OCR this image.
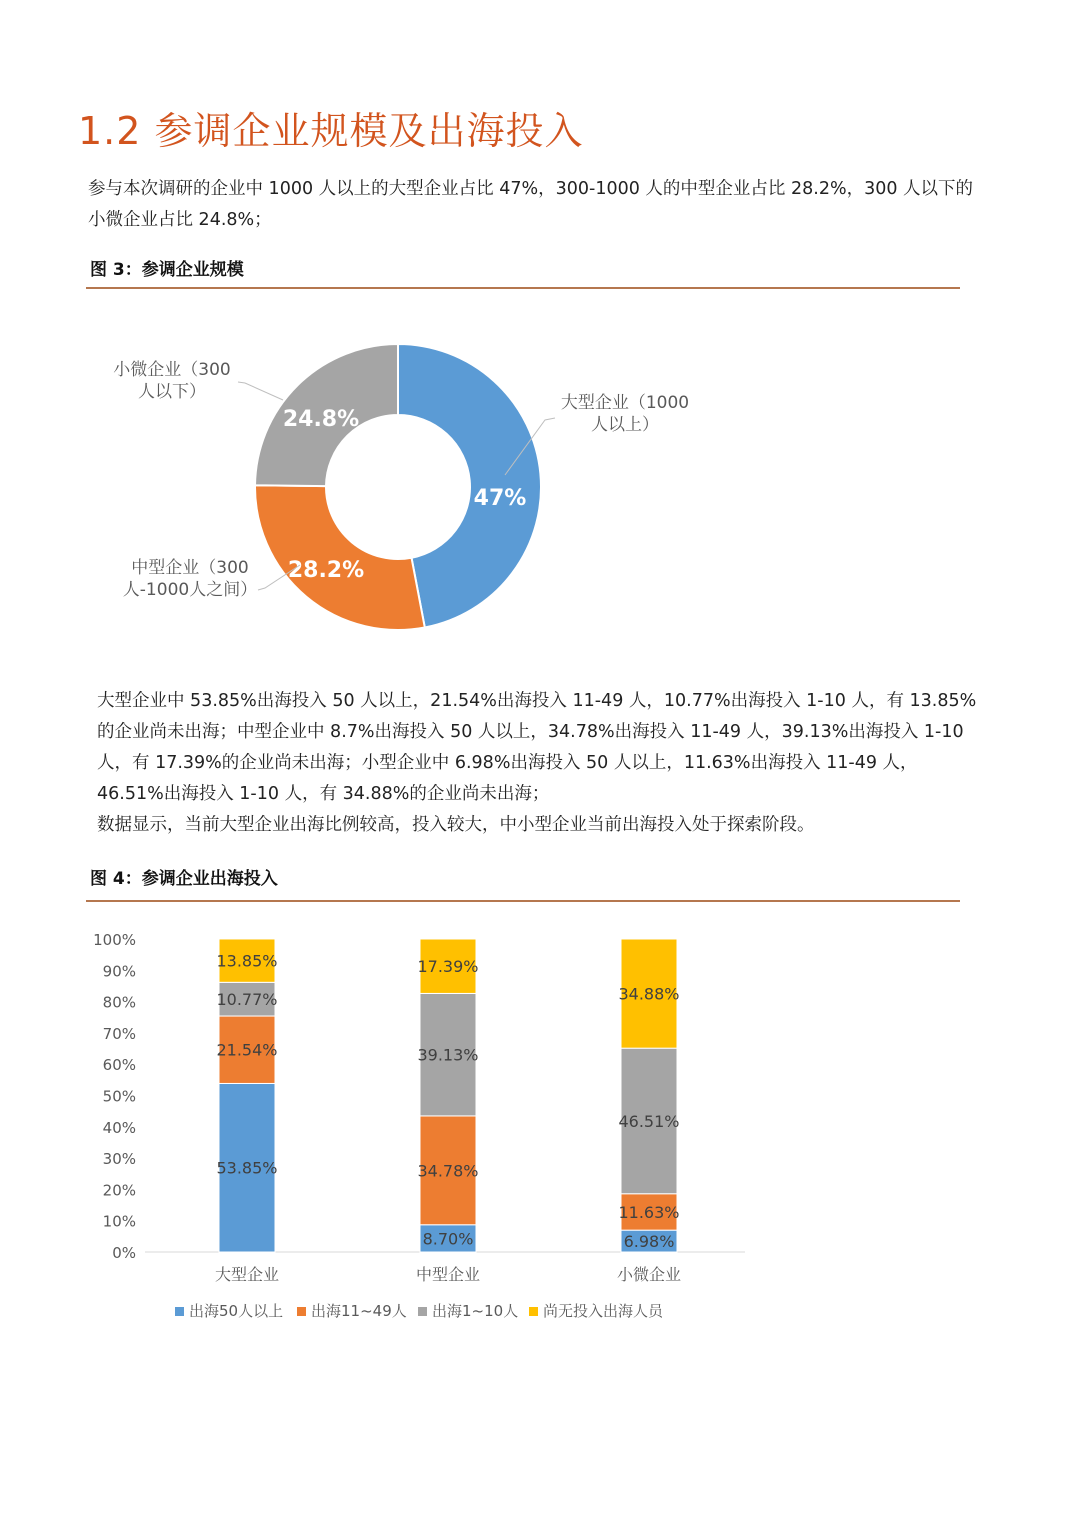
1.2 参调企业规模及出海投入

参与本次调研的企业中 1000 人以上的大型企业占比 47%，300-1000 人的中型企业占比 28.2%，300 人以下的小微企业占比 24.8%；

图 3：参调企业规模
47%
大型企业（1000
人以上）
28.2%
中型企业（300
人-1000人之间）
24.8%
小微企业（300
人以下）

大型企业中 53.85%出海投入 50 人以上，21.54%出海投入 11-49 人，10.77%出海投入 1-10 人，有 13.85%的企业尚未出海；中型企业中 8.7%出海投入 50 人以上，34.78%出海投入 11-49 人，39.13%出海投入 1-10 人，有 17.39%的企业尚未出海；小型企业中 6.98%出海投入 50 人以上，11.63%出海投入 11-49 人，46.51%出海投入 1-10 人，有 34.88%的企业尚未出海；

数据显示，当前大型企业出海比例较高，投入较大，中小型企业当前出海投入处于探索阶段。

图 4：参调企业出海投入
0%
10%
20%
30%
40%
50%
60%
70%
80%
90%
100%
53.85%
21.54%
10.77%
13.85%
大型企业
8.70%
34.78%
39.13%
17.39%
中型企业
6.98%
11.63%
46.51%
34.88%
小微企业
出海50人以上 出海11~49人 出海1~10人 尚无投入出海人员
